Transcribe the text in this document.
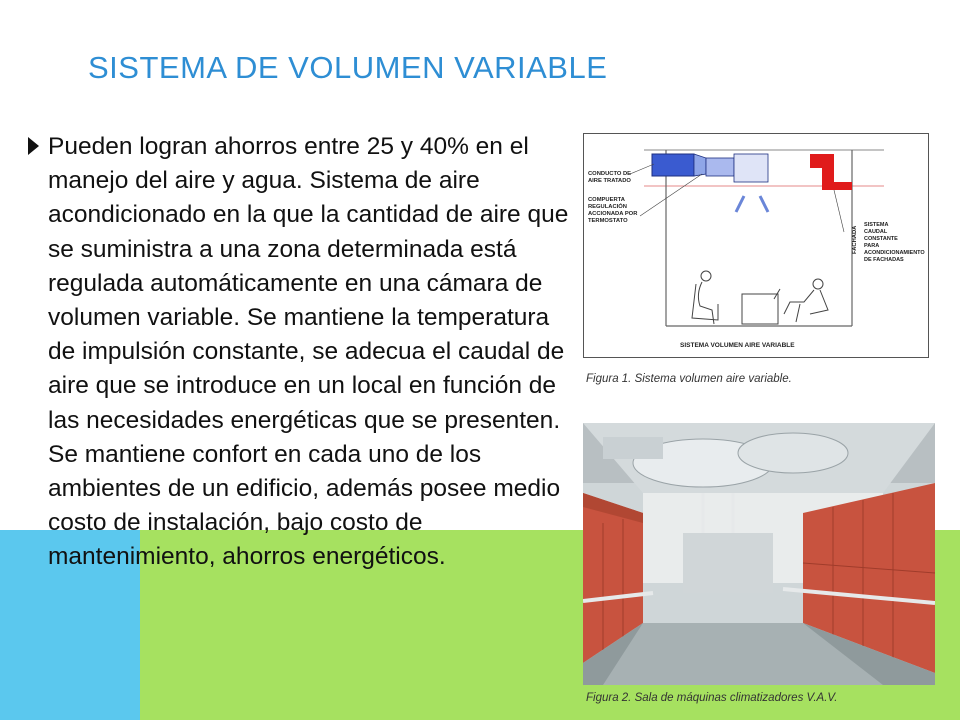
SISTEMA DE VOLUMEN VARIABLE

Pueden logran ahorros entre 25 y 40% en el manejo del aire y agua. Sistema de aire acondicionado en la que la cantidad de aire que se suministra a una zona determinada está regulada automáticamente en una cámara de volumen variable. Se mantiene la temperatura de impulsión constante, se adecua el caudal de aire que se introduce en un local en función de las necesidades energéticas que se presenten. Se mantiene confort en cada uno de los ambientes de un edificio, además posee medio costo de instalación, bajo costo de mantenimiento, ahorros energéticos.

CONDUCTO DE
AIRE TRATADO
COMPUERTA
REGULACIÓN
ACCIONADA POR
TERMOSTATO
FACHADA
SISTEMA
CAUDAL
CONSTANTE
PARA
ACONDICIONAMIENTO
DE FACHADAS
SISTEMA VOLUMEN AIRE VARIABLE
Figura 1. Sistema volumen aire variable.
Figura 2. Sala de máquinas climatizadores V.A.V.
